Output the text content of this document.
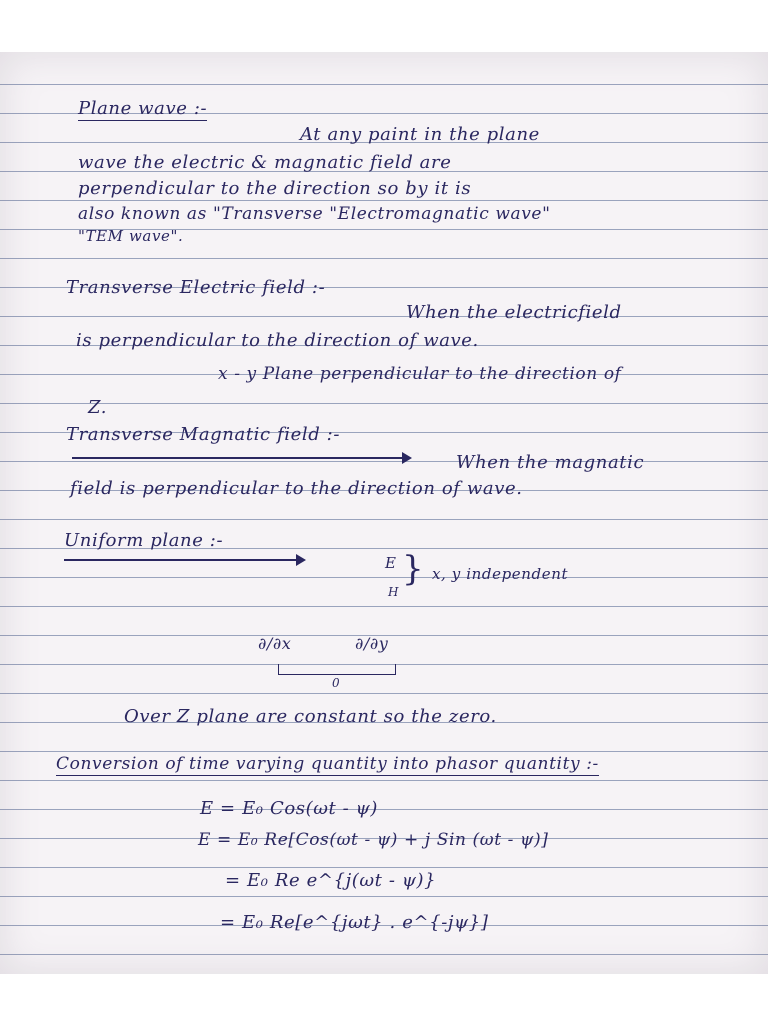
Plane wave :-
At any paint in the plane
wave the electric & magnatic field are
perpendicular to the direction so by it is
also known as "Transverse "Electromagnatic wave"
"TEM wave".
Transverse Electric field :-
When the electricfield
is perpendicular to the direction of wave.
x - y Plane perpendicular to the direction of
Z.
Transverse Magnatic field :-
When the magnatic
field is perpendicular to the direction of wave.
Uniform plane :-
E
H
} x, y independent
∂/∂x	∂/∂y
0
Over Z plane are constant so the zero.
Conversion of time varying quantity into phasor quantity :-
E = E₀ Cos(ωt - ψ)
E = E₀ Re[Cos(ωt - ψ) + j Sin (ωt - ψ)]
= E₀ Re e^{j(ωt - ψ)}
= E₀ Re[e^{jωt} . e^{-jψ}]
